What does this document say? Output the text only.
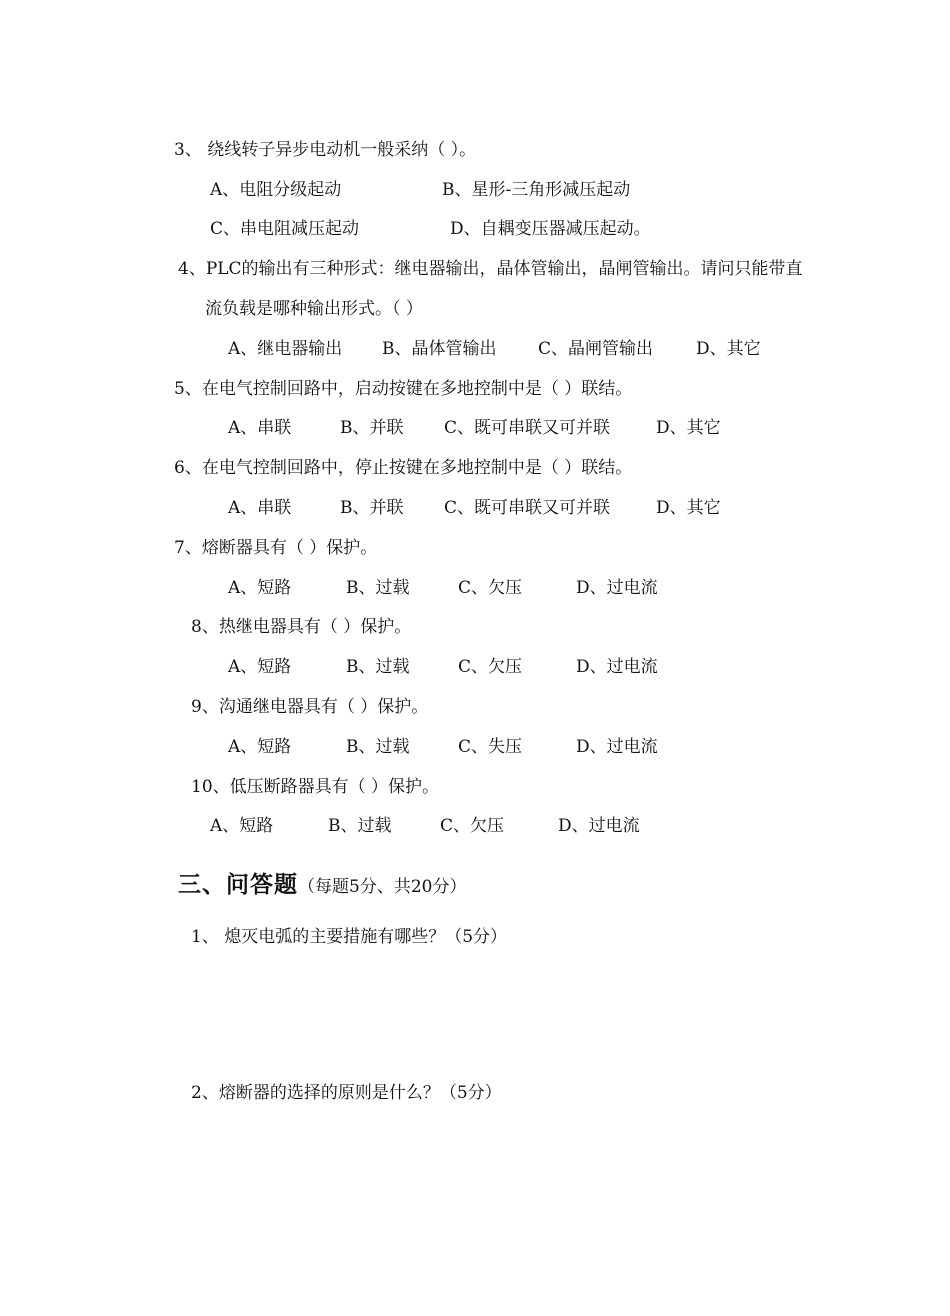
3、 绕线转子异步电动机一般采纳（ ）。
A、电阻分级起动	B、星形-三角形减压起动
C、串电阻减压起动	D、自耦变压器减压起动。
4、PLC的输出有三种形式：继电器输出，晶体管输出，晶闸管输出。请问只能带直
流负载是哪种输出形式。（ ）
A、继电器输出 B、晶体管输出 C、晶闸管输出	D、其它
5、在电气控制回路中，启动按键在多地控制中是（ ）联结。
A、串联	B、并联 C、既可串联又可并联	D、其它
6、在电气控制回路中，停止按键在多地控制中是（ ）联结。
A、串联	B、并联 C、既可串联又可并联	D、其它
7、熔断器具有（ ）保护。
A、短路	B、过载	C、欠压	D、过电流
8、热继电器具有（ ）保护。
A、短路	B、过载	C、欠压	D、过电流
9、沟通继电器具有（ ）保护。
A、短路	B、过载	C、失压	D、过电流
10、低压断路器具有（ ）保护。
A、短路	B、过载	C、欠压	D、过电流
三、问答题（每题5分、共20分）
1、 熄灭电弧的主要措施有哪些？（5分）
2、熔断器的选择的原则是什么？（5分）
